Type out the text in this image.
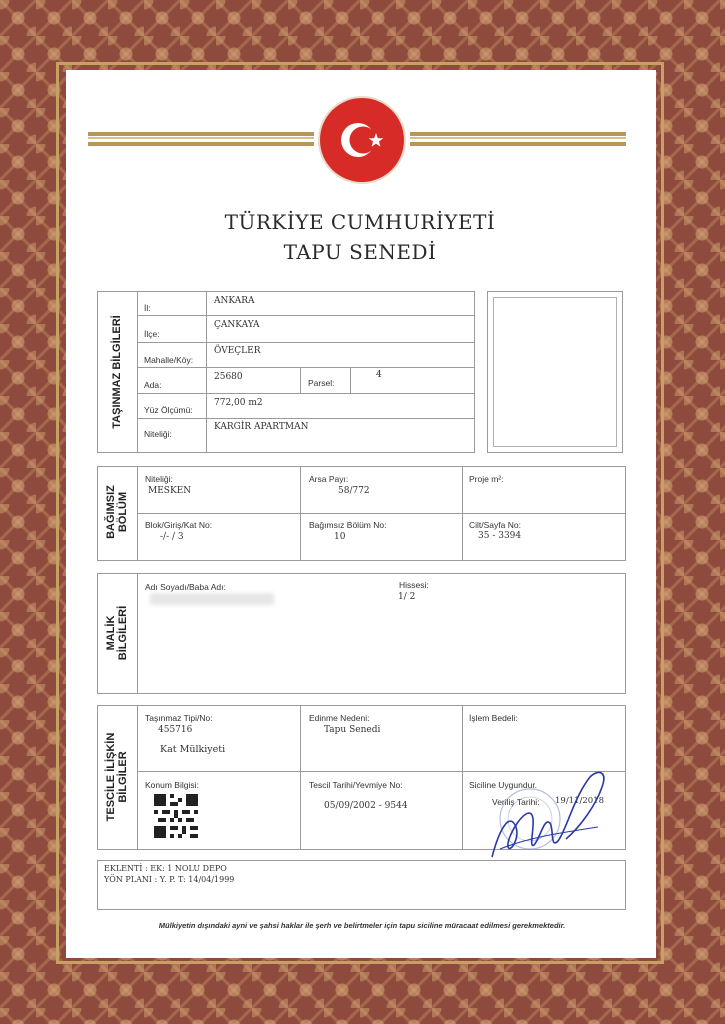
TÜRKİYE CUMHURİYETİ
TAPU SENEDİ
TAŞINMAZ BİLGİLERİ
İl:
ANKARA
İlçe:
ÇANKAYA
Mahalle/Köy:
ÖVEÇLER
Ada:
25680
Parsel:
4
Yüz Ölçümü:
772,00 m2
Niteliği:
KARGİR APARTMAN
BAĞIMSIZ
BÖLÜM
Niteliği:
MESKEN
Arsa Payı:
58/772
Proje m²:
Blok/Giriş/Kat No:
-/- / 3
Bağımsız Bölüm No:
10
Cilt/Sayfa No:
35 - 3394
MALİK
BİLGİLERİ
Adı Soyadı/Baba Adı:	Hissesi:
1/ 2
TESCİLE İLİŞKİN
BİLGİLER
Taşınmaz Tipi/No:
455716
Kat Mülkiyeti
Edinme Nedeni:
Tapu Senedi
İşlem Bedeli:
Konum Bilgisi:	Tescil Tarihi/Yevmiye No:
05/09/2002 - 9544
Siciline Uygundur.
Veriliş Tarihi: 19/11/2018
EKLENTİ : EK: 1 NOLU DEPO
YÖN PLANI : Y. P. T: 14/04/1999
Mülkiyetin dışındaki ayni ve şahsi haklar ile şerh ve belirtmeler için tapu siciline müracaat edilmesi gerekmektedir.
